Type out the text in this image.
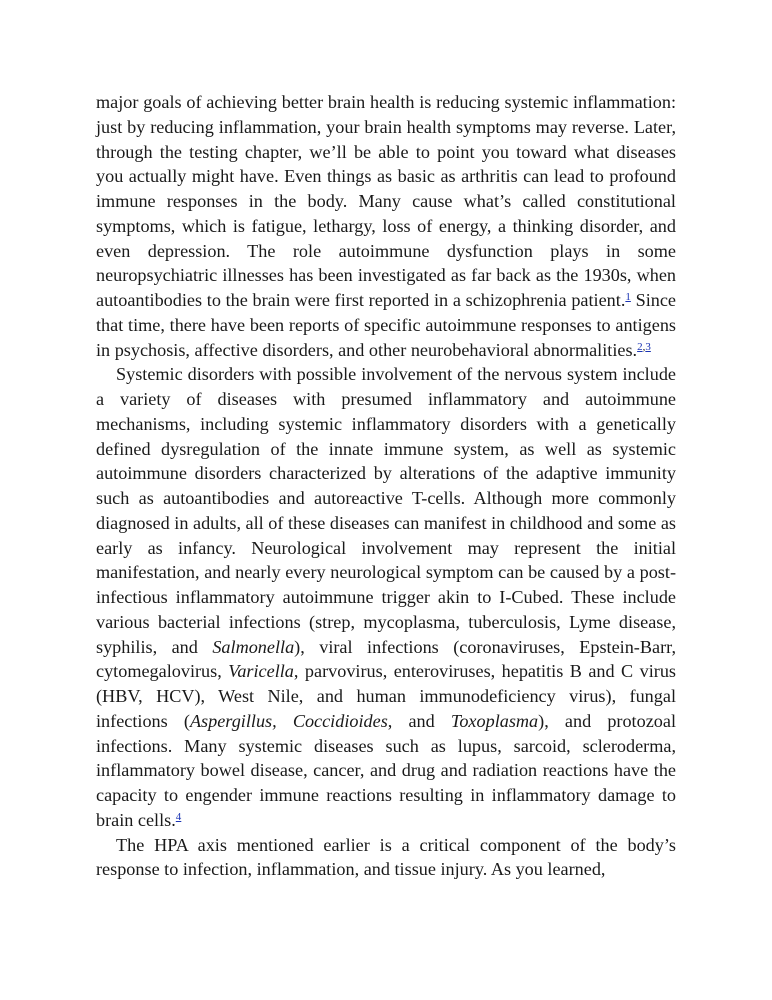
major goals of achieving better brain health is reducing systemic inflammation: just by reducing inflammation, your brain health symptoms may reverse. Later, through the testing chapter, we’ll be able to point you toward what diseases you actually might have. Even things as basic as arthritis can lead to profound immune responses in the body. Many cause what’s called constitutional symptoms, which is fatigue, lethargy, loss of energy, a thinking disorder, and even depression. The role autoimmune dysfunction plays in some neuropsychiatric illnesses has been investigated as far back as the 1930s, when autoantibodies to the brain were first reported in a schizophrenia patient.$^1$ Since that time, there have been reports of specific autoimmune responses to antigens in psychosis, affective disorders, and other neurobehavioral abnormalities.$^{2,3}$

Systemic disorders with possible involvement of the nervous system include a variety of diseases with presumed inflammatory and autoimmune mechanisms, including systemic inflammatory disorders with a genetically defined dysregulation of the innate immune system, as well as systemic autoimmune disorders characterized by alterations of the adaptive immunity such as autoantibodies and autoreactive T-cells. Although more commonly diagnosed in adults, all of these diseases can manifest in childhood and some as early as infancy. Neurological involvement may represent the initial manifestation, and nearly every neurological symptom can be caused by a post-infectious inflammatory autoimmune trigger akin to I-Cubed. These include various bacterial infections (strep, mycoplasma, tuberculosis, Lyme disease, syphilis, and Salmonella), viral infections (coronaviruses, Epstein-Barr, cytomegalovirus, Varicella, parvovirus, enteroviruses, hepatitis B and C virus (HBV, HCV), West Nile, and human immunodeficiency virus), fungal infections (Aspergillus, Coccidioides, and Toxoplasma), and protozoal infections. Many systemic diseases such as lupus, sarcoid, scleroderma, inflammatory bowel disease, cancer, and drug and radiation reactions have the capacity to engender immune reactions resulting in inflammatory damage to brain cells.$^4$

The HPA axis mentioned earlier is a critical component of the body’s response to infection, inflammation, and tissue injury. As you learned,
